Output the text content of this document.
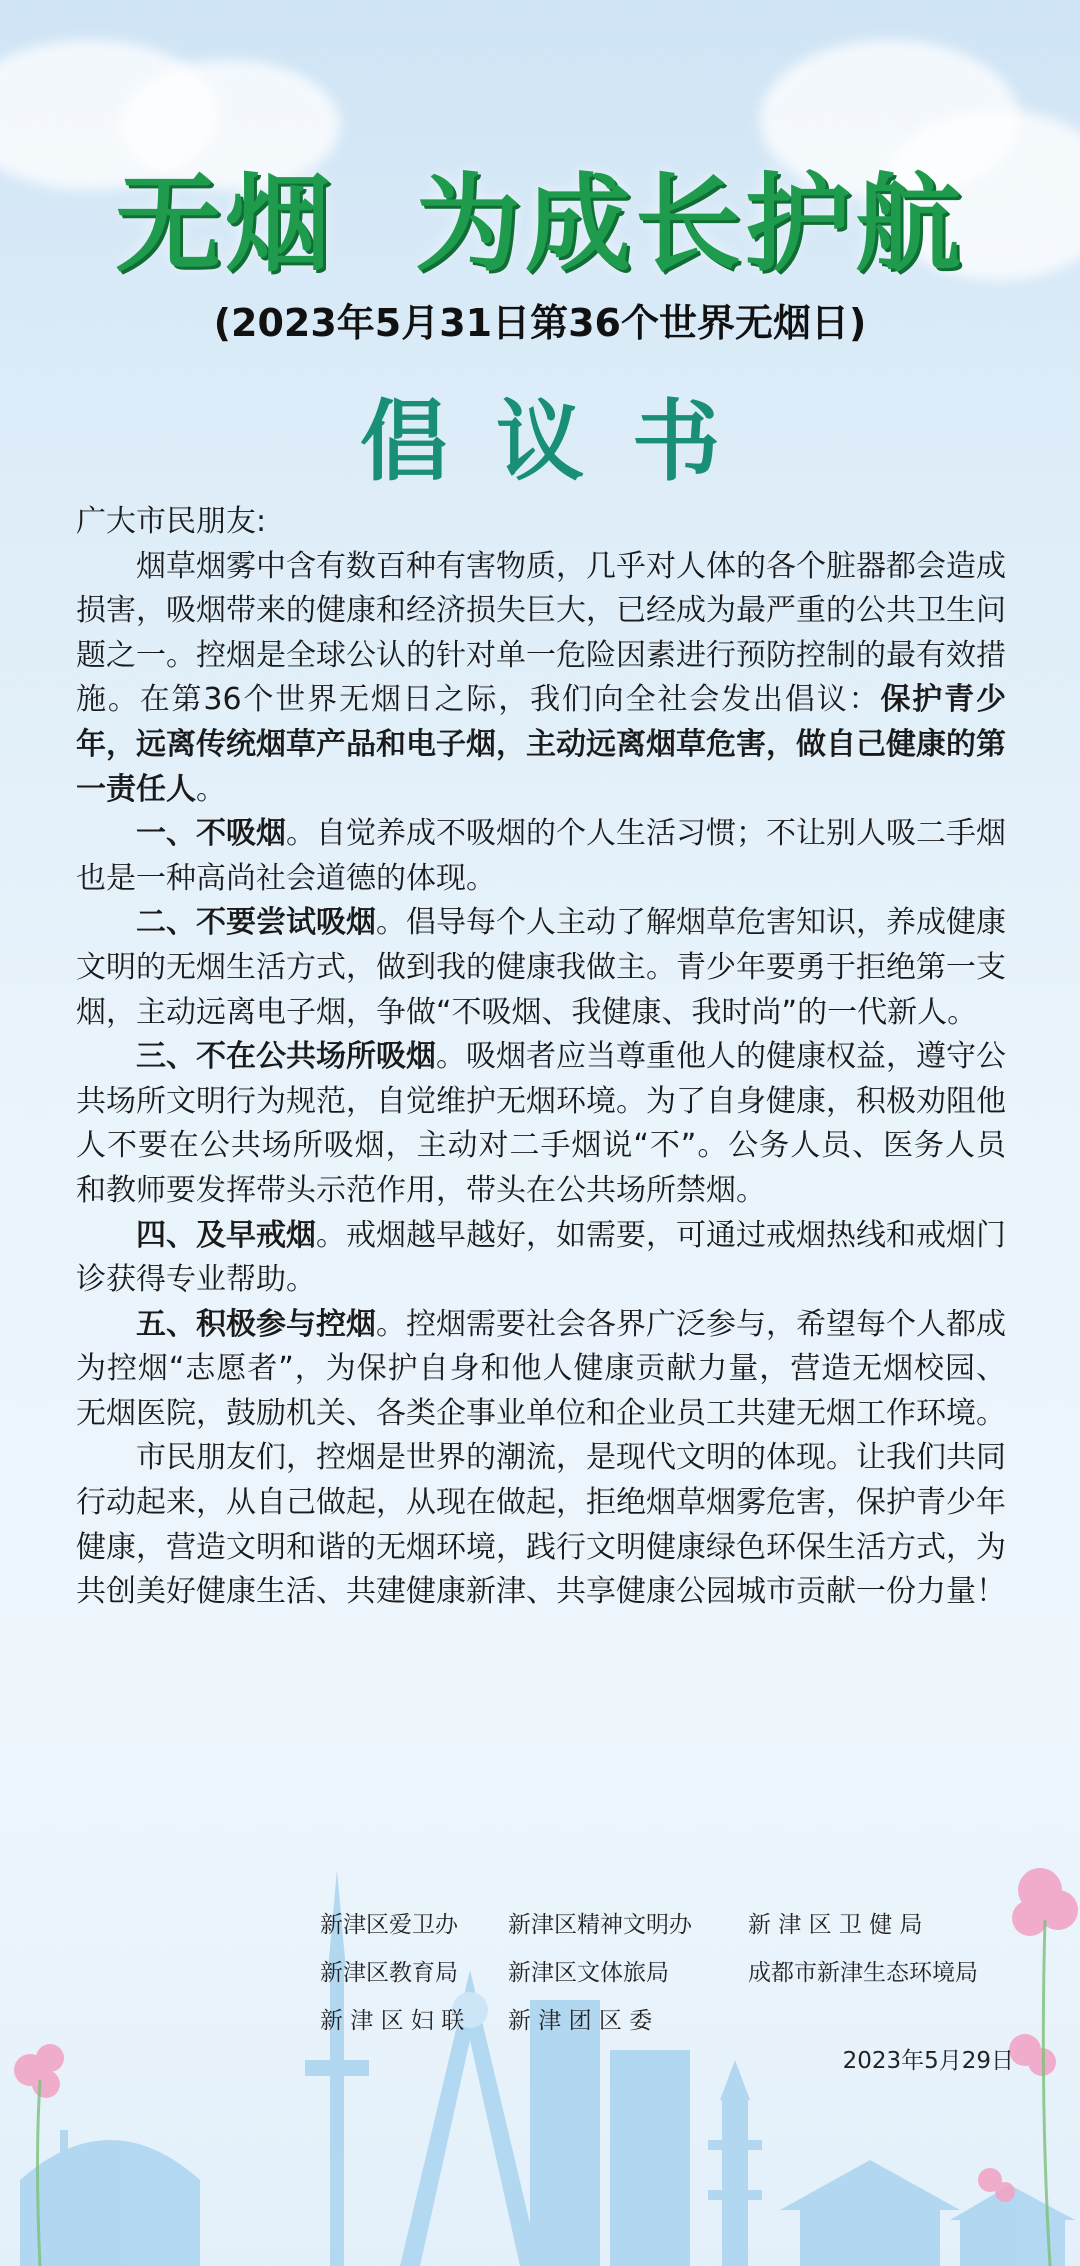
无烟 为成长护航
(2023年5月31日第36个世界无烟日)
倡议书

广大市民朋友:

烟草烟雾中含有数百种有害物质，几乎对人体的各个脏器都会造成损害，吸烟带来的健康和经济损失巨大，已经成为最严重的公共卫生问题之一。控烟是全球公认的针对单一危险因素进行预防控制的最有效措施。在第36个世界无烟日之际，我们向全社会发出倡议：保护青少年，远离传统烟草产品和电子烟，主动远离烟草危害，做自己健康的第一责任人。

一、不吸烟。自觉养成不吸烟的个人生活习惯；不让别人吸二手烟也是一种高尚社会道德的体现。

二、不要尝试吸烟。倡导每个人主动了解烟草危害知识，养成健康文明的无烟生活方式，做到我的健康我做主。青少年要勇于拒绝第一支烟，主动远离电子烟，争做“不吸烟、我健康、我时尚”的一代新人。

三、不在公共场所吸烟。吸烟者应当尊重他人的健康权益，遵守公共场所文明行为规范，自觉维护无烟环境。为了自身健康，积极劝阻他人不要在公共场所吸烟，主动对二手烟说“不”。公务人员、医务人员和教师要发挥带头示范作用，带头在公共场所禁烟。

四、及早戒烟。戒烟越早越好，如需要，可通过戒烟热线和戒烟门诊获得专业帮助。

五、积极参与控烟。控烟需要社会各界广泛参与，希望每个人都成为控烟“志愿者”，为保护自身和他人健康贡献力量，营造无烟校园、无烟医院，鼓励机关、各类企事业单位和企业员工共建无烟工作环境。

市民朋友们，控烟是世界的潮流，是现代文明的体现。让我们共同行动起来，从自己做起，从现在做起，拒绝烟草烟雾危害，保护青少年健康，营造文明和谐的无烟环境，践行文明健康绿色环保生活方式，为共创美好健康生活、共建健康新津、共享健康公园城市贡献一份力量！

新津区爱卫办	新津区精神文明办	新 津 区 卫 健 局
新津区教育局	新津区文体旅局	成都市新津生态环境局
新 津 区 妇 联	新 津 团 区 委
2023年5月29日
